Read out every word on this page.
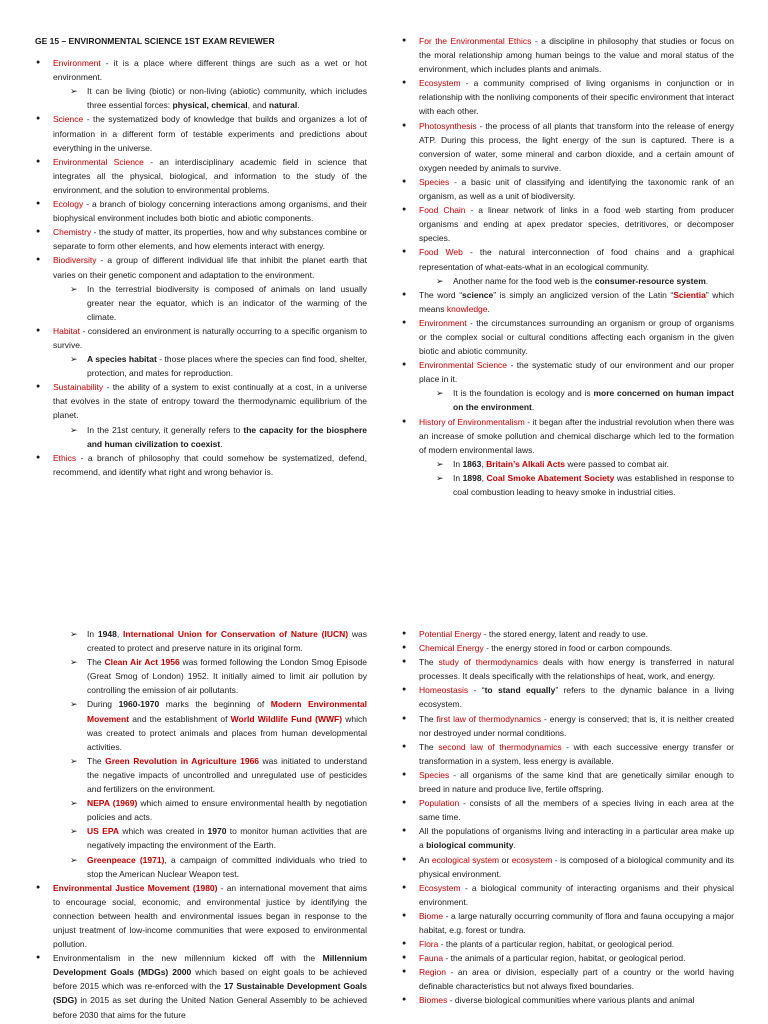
GE 15 – ENVIRONMENTAL SCIENCE 1ST EXAM REVIEWER
● Environment - it is a place where different things are such as a wet or hot environment.
➢ It can be living (biotic) or non-living (abiotic) community, which includes three essential forces: physical, chemical, and natural.
● Science - the systematized body of knowledge that builds and organizes a lot of information in a different form of testable experiments and predictions about everything in the universe.
● Environmental Science - an interdisciplinary academic field in science that integrates all the physical, biological, and information to the study of the environment, and the solution to environmental problems.
● Ecology - a branch of biology concerning interactions among organisms, and their biophysical environment includes both biotic and abiotic components.
● Chemistry - the study of matter, its properties, how and why substances combine or separate to form other elements, and how elements interact with energy.
● Biodiversity - a group of different individual life that inhibit the planet earth that varies on their genetic component and adaptation to the environment.
➢ In the terrestrial biodiversity is composed of animals on land usually greater near the equator, which is an indicator of the warming of the climate.
● Habitat - considered an environment is naturally occurring to a specific organism to survive.
➢ A species habitat - those places where the species can find food, shelter, protection, and mates for reproduction.
● Sustainability - the ability of a system to exist continually at a cost, in a universe that evolves in the state of entropy toward the thermodynamic equilibrium of the planet.
➢ In the 21st century, it generally refers to the capacity for the biosphere and human civilization to coexist.
● Ethics - a branch of philosophy that could somehow be systematized, defend, recommend, and identify what right and wrong behavior is.
● For the Environmental Ethics - a discipline in philosophy that studies or focus on the moral relationship among human beings to the value and moral status of the environment, which includes plants and animals.
● Ecosystem - a community comprised of living organisms in conjunction or in relationship with the nonliving components of their specific environment that interact with each other.
● Photosynthesis - the process of all plants that transform into the release of energy ATP. During this process, the light energy of the sun is captured. There is a conversion of water, some mineral and carbon dioxide, and a certain amount of oxygen needed by animals to survive.
● Species - a basic unit of classifying and identifying the taxonomic rank of an organism, as well as a unit of biodiversity.
● Food Chain - a linear network of links in a food web starting from producer organisms and ending at apex predator species, detritivores, or decomposer species.
● Food Web - the natural interconnection of food chains and a graphical representation of what-eats-what in an ecological community.
➢ Another name for the food web is the consumer-resource system.
● The word “science” is simply an anglicized version of the Latin “Scientia” which means knowledge.
● Environment - the circumstances surrounding an organism or group of organisms or the complex social or cultural conditions affecting each organism in the given biotic and abiotic community.
● Environmental Science - the systematic study of our environment and our proper place in it.
➢ It is the foundation is ecology and is more concerned on human impact on the environment.
● History of Environmentalism - it began after the industrial revolution when there was an increase of smoke pollution and chemical discharge which led to the formation of modern environmental laws.
➢ In 1863, Britain’s Alkali Acts were passed to combat air.
➢ In 1898, Coal Smoke Abatement Society was established in response to coal combustion leading to heavy smoke in industrial cities.
➢ In 1948, International Union for Conservation of Nature (IUCN) was created to protect and preserve nature in its original form.
➢ The Clean Air Act 1956 was formed following the London Smog Episode (Great Smog of London) 1952. It initially aimed to limit air pollution by controlling the emission of air pollutants.
➢ During 1960-1970 marks the beginning of Modern Environmental Movement and the establishment of World Wildlife Fund (WWF) which was created to protect animals and places from human developmental activities.
➢ The Green Revolution in Agriculture 1966 was initiated to understand the negative impacts of uncontrolled and unregulated use of pesticides and fertilizers on the environment.
➢ NEPA (1969) which aimed to ensure environmental health by negotiation policies and acts.
➢ US EPA which was created in 1970 to monitor human activities that are negatively impacting the environment of the Earth.
➢ Greenpeace (1971), a campaign of committed individuals who tried to stop the American Nuclear Weapon test.
● Environmental Justice Movement (1980) - an international movement that aims to encourage social, economic, and environmental justice by identifying the connection between health and environmental issues began in response to the unjust treatment of low-income communities that were exposed to environmental pollution.
● Environmentalism in the new millennium kicked off with the Millennium Development Goals (MDGs) 2000 which based on eight goals to be achieved before 2015 which was re-enforced with the 17 Sustainable Development Goals (SDG) in 2015 as set during the United Nation General Assembly to be achieved before 2030 that aims for the future
● Potential Energy - the stored energy, latent and ready to use.
● Chemical Energy - the energy stored in food or carbon compounds.
● The study of thermodynamics deals with how energy is transferred in natural processes. It deals specifically with the relationships of heat, work, and energy.
● Homeostasis - “to stand equally” refers to the dynamic balance in a living ecosystem.
● The first law of thermodynamics - energy is conserved; that is, it is neither created nor destroyed under normal conditions.
● The second law of thermodynamics - with each successive energy transfer or transformation in a system, less energy is available.
● Species - all organisms of the same kind that are genetically similar enough to breed in nature and produce live, fertile offspring.
● Population - consists of all the members of a species living in each area at the same time.
● All the populations of organisms living and interacting in a particular area make up a biological community.
● An ecological system or ecosystem - is composed of a biological community and its physical environment.
● Ecosystem - a biological community of interacting organisms and their physical environment.
● Biome - a large naturally occurring community of flora and fauna occupying a major habitat, e.g. forest or tundra.
● Flora - the plants of a particular region, habitat, or geological period.
● Fauna - the animals of a particular region, habitat, or geological period.
● Region - an area or division, especially part of a country or the world having definable characteristics but not always fixed boundaries.
● Biomes - diverse biological communities where various plants and animal
